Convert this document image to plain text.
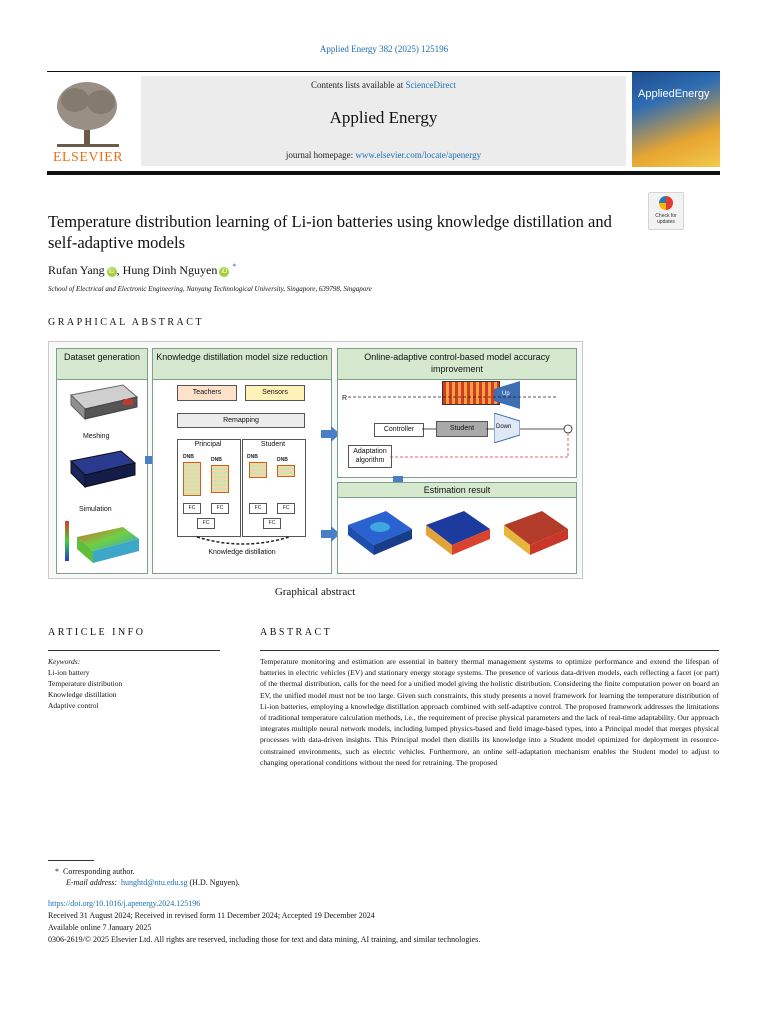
Applied Energy 382 (2025) 125196
ELSEVIER
Contents lists available at ScienceDirect
Applied Energy
journal homepage: www.elsevier.com/locate/apenergy
AppliedEnergy
Check for
updates
Temperature distribution learning of Li-ion batteries using knowledge distillation and self-adaptive models
Rufan Yang iD , Hung Dinh Nguyen iD *
School of Electrical and Electronic Engineering, Nanyang Technological University, Singapore, 639798, Singapore
GRAPHICAL ABSTRACT
Dataset generation
Meshing
Simulation
Knowledge distillation model size reduction
Teachers	Sensors
Remapping
Principal	Student
DNB	DNB	DNB	DNB
FC	FC
FC
FC	FC
FC
Knowledge distillation
Online-adaptive control-based model accuracy improvement
R
Up
Controller	Student	Down
Adaptation algorithm
Estimation result
Graphical abstract
ARTICLE INFO	ABSTRACT
Keywords:
Li-ion battery
Temperature distribution
Knowledge distillation
Adaptive control
Temperature monitoring and estimation are essential in battery thermal management systems to optimize performance and extend the lifespan of batteries in electric vehicles (EV) and stationary energy storage systems. The presence of various data-driven models, each reflecting a facet (or part) of the thermal distribution, calls for the need for a unified model giving the holistic distribution. Considering the finite computation power on board an EV, the unified model must not be too large. Given such constraints, this study presents a novel framework for learning the temperature distribution of Li-ion batteries, employing a knowledge distillation approach combined with self-adaptive control. The proposed framework addresses the limitations of traditional temperature calculation methods, i.e., the requirement of precise physical parameters and the lack of real-time adaptability. Our approach integrates multiple neural network models, including lumped physics-based and field image-based types, into a Principal model that merges physical processes with data-driven insights. This Principal model then distills its knowledge into a Student model optimized for deployment in resource-constrained environments, such as electric vehicles. Furthermore, an online self-adaptation mechanism enables the Student model to adjust to changing operational conditions without the need for retraining. The proposed
* Corresponding author.
E-mail address: hunghtd@ntu.edu.sg (H.D. Nguyen).
https://doi.org/10.1016/j.apenergy.2024.125196
Received 31 August 2024; Received in revised form 11 December 2024; Accepted 19 December 2024
Available online 7 January 2025
0306-2619/© 2025 Elsevier Ltd. All rights are reserved, including those for text and data mining, AI training, and similar technologies.
